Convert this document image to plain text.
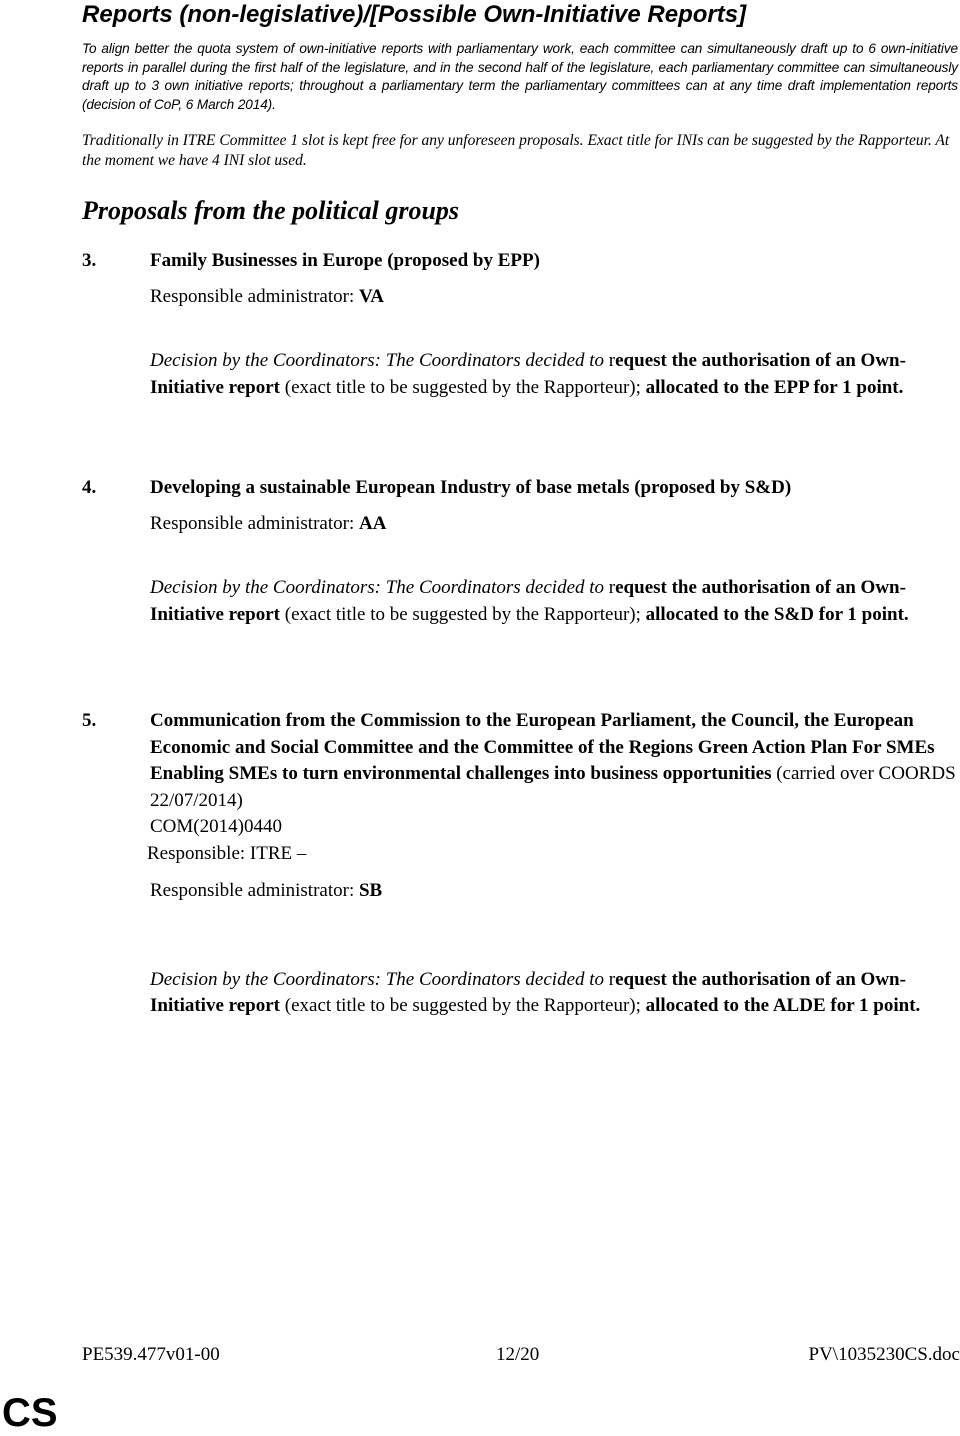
Reports (non-legislative)/[Possible Own-Initiative Reports]

To align better the quota system of own-initiative reports with parliamentary work, each committee can simultaneously draft up to 6 own-initiative reports in parallel during the first half of the legislature, and in the second half of the legislature, each parliamentary committee can simultaneously draft up to 3 own initiative reports; throughout a parliamentary term the parliamentary committees can at any time draft implementation reports (decision of CoP, 6 March 2014).

Traditionally in ITRE Committee 1 slot is kept free for any unforeseen proposals. Exact title for INIs can be suggested by the Rapporteur. At the moment we have 4 INI slot used.

Proposals from the political groups
3.	Family Businesses in Europe (proposed by EPP)

Responsible administrator: VA

Decision by the Coordinators: The Coordinators decided to request the authorisation of an Own-Initiative report (exact title to be suggested by the Rapporteur); allocated to the EPP for 1 point.

4.	Developing a sustainable European Industry of base metals (proposed by S&D)

Responsible administrator: AA

Decision by the Coordinators: The Coordinators decided to request the authorisation of an Own-Initiative report (exact title to be suggested by the Rapporteur); allocated to the S&D for 1 point.

5.	Communication from the Commission to the European Parliament, the Council, the European Economic and Social Committee and the Committee of the Regions Green Action Plan For SMEs Enabling SMEs to turn environmental challenges into business opportunities (carried over COORDS 22/07/2014)

COM(2014)0440

Responsible: ITRE –

Responsible administrator: SB

Decision by the Coordinators: The Coordinators decided to request the authorisation of an Own-Initiative report (exact title to be suggested by the Rapporteur); allocated to the ALDE for 1 point.

PE539.477v01-00	12/20	PV\1035230CS.doc

CS
